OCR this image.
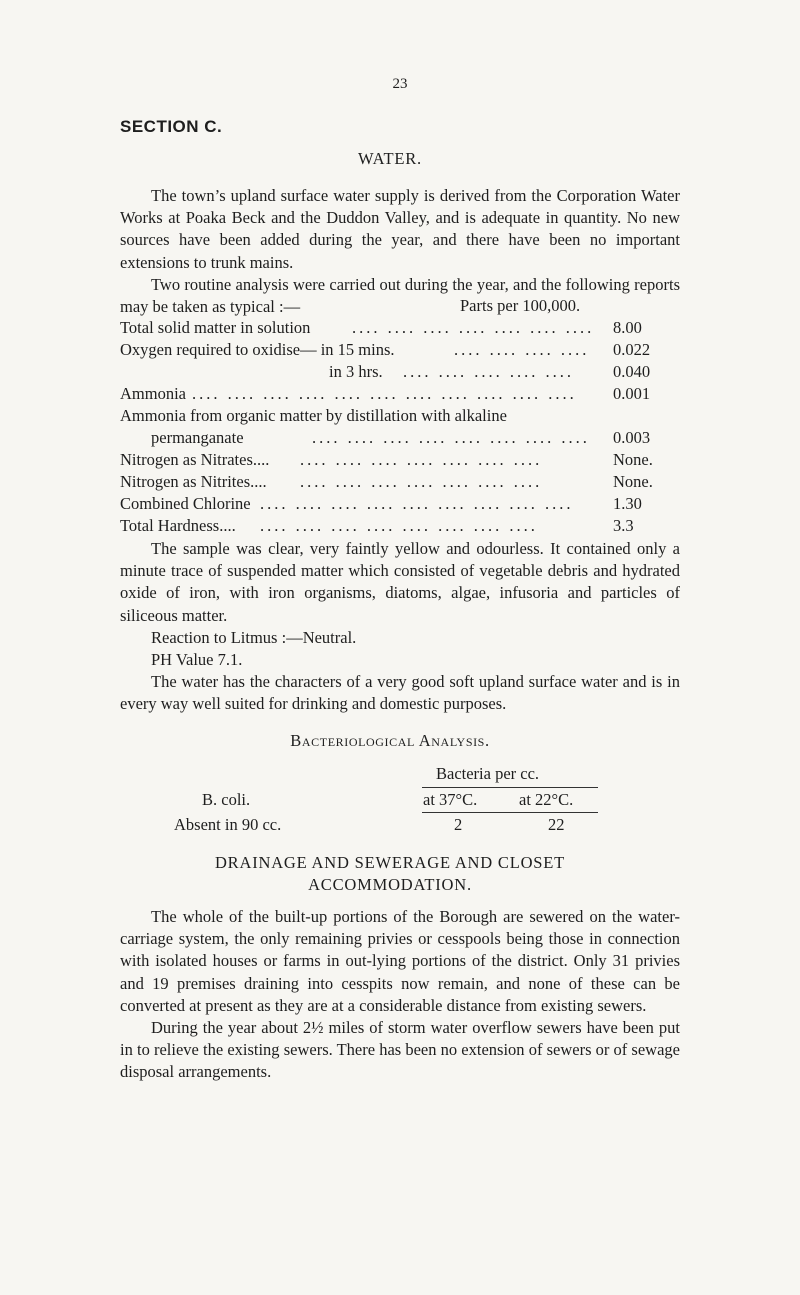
23
SECTION C.
WATER.

The town’s upland surface water supply is derived from the Corporation Water Works at Poaka Beck and the Duddon Valley, and is adequate in quantity. No new sources have been added during the year, and there have been no important extensions to trunk mains.

Two routine analysis were carried out during the year, and the following reports may be taken as typical :—	Parts per 100,000.
Total solid matter in solution	.... .... .... .... .... .... .... 8.00
Oxygen required to oxidise— in 15 mins.	.... .... .... .... 0.022
in 3 hrs. .... .... .... .... .... 0.040
Ammonia .... .... .... .... .... .... .... .... .... .... .... 0.001
Ammonia from organic matter by distillation with alkaline
permanganate	.... .... .... .... .... .... .... .... 0.003
Nitrogen as Nitrates.... .... .... .... .... .... .... ....	None.
Nitrogen as Nitrites.... .... .... .... .... .... .... ....	None.
Combined Chlorine .... .... .... .... .... .... .... .... .... 1.30
Total Hardness.... .... .... .... .... .... .... .... ....	3.3

The sample was clear, very faintly yellow and odourless. It contained only a minute trace of suspended matter which consisted of vegetable debris and hydrated oxide of iron, with iron organisms, diatoms, algae, infusoria and particles of siliceous matter.

Reaction to Litmus :—Neutral.

PH Value 7.1.

The water has the characters of a very good soft upland surface water and is in every way well suited for drinking and domestic purposes.

Bacteriological Analysis.
Bacteria per cc.
B. coli.	at 37°C.	at 22°C.
Absent in 90 cc.	2	22
DRAINAGE AND SEWERAGE AND CLOSET
ACCOMMODATION.

The whole of the built-up portions of the Borough are sewered on the water-carriage system, the only remaining privies or cesspools being those in connection with isolated houses or farms in out-lying portions of the district. Only 31 privies and 19 premises draining into cesspits now remain, and none of these can be converted at present as they are at a considerable distance from existing sewers.

During the year about 2½ miles of storm water overflow sewers have been put in to relieve the existing sewers. There has been no extension of sewers or of sewage disposal arrangements.
